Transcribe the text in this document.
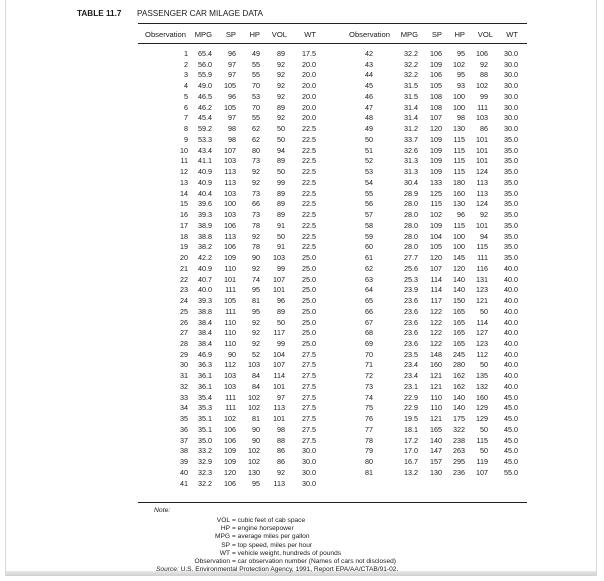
TABLE 11.7 PASSENGER CAR MILAGE DATA
Observation MPG SP HP VOL WT	Observation MPG SP HP VOL WT
1 65.4 96 49 89 17.5
2 56.0 97 55 92 20.0
3 55.9 97 55 92 20.0
4 49.0 105 70 92 20.0
5 46.5 96 53 92 20.0
6 46.2 105 70 89 20.0
7 45.4 97 55 92 20.0
8 59.2 98 62 50 22.5
9 53.3 98 62 50 22.5
10 43.4 107 80 94 22.5
11 41.1 103 73 89 22.5
12 40.9 113 92 50 22.5
13 40.9 113 92 99 22.5
14 40.4 103 73 89 22.5
15 39.6 100 66 89 22.5
16 39.3 103 73 89 22.5
17 38.9 106 78 91 22.5
18 38.8 113 92 50 22.5
19 38.2 106 78 91 22.5
20 42.2 109 90 103 25.0
21 40.9 110 92 99 25.0
22 40.7 101 74 107 25.0
23 40.0 111 95 101 25.0
24 39.3 105 81 96 25.0
25 38.8 111 95 89 25.0
26 38.4 110 92 50 25.0
27 38.4 110 92 117 25.0
28 38.4 110 92 99 25.0
29 46.9 90 52 104 27.5
30 36.3 112 103 107 27.5
31 36.1 103 84 114 27.5
32 36.1 103 84 101 27.5
33 35.4 111 102 97 27.5
34 35.3 111 102 113 27.5
35 35.1 102 81 101 27.5
36 35.1 106 90 98 27.5
37 35.0 106 90 88 27.5
38 33.2 109 102 86 30.0
39 32.9 109 102 86 30.0
40 32.3 120 130 92 30.0
41 32.2 106 95 113 30.0
42	32.2 106 95 106 30.0
43	32.2 109 102 92 30.0
44	32.2 106 95 88 30.0
45	31.5 105 93 102 30.0
46	31.5 108 100 99 30.0
47	31.4 108 100 111 30.0
48	31.4 107 98 103 30.0
49	31.2 120 130 86 30.0
50	33.7 109 115 101 35.0
51	32.6 109 115 101 35.0
52	31.3 109 115 101 35.0
53	31.3 109 115 124 35.0
54	30.4 133 180 113 35.0
55	28.9 125 160 113 35.0
56	28.0 115 130 124 35.0
57	28.0 102 96 92 35.0
58	28.0 109 115 101 35.0
59	28.0 104 100 94 35.0
60	28.0 105 100 115 35.0
61	27.7 120 145 111 35.0
62	25.6 107 120 116 40.0
63	25.3 114 140 131 40.0
64	23.9 114 140 123 40.0
65	23.6 117 150 121 40.0
66	23.6 122 165 50 40.0
67	23.6 122 165 114 40.0
68	23.6 122 165 127 40.0
69	23.6 122 165 123 40.0
70	23.5 148 245 112 40.0
71	23.4 160 280 50 40.0
72	23.4 121 162 135 40.0
73	23.1 121 162 132 40.0
74	22.9 110 140 160 45.0
75	22.9 110 140 129 45.0
76	19.5 121 175 129 45.0
77	18.1 165 322 50 45.0
78	17.2 140 238 115 45.0
79	17.0 147 263 50 45.0
80	16.7 157 295 119 45.0
81	13.2 130 236 107 55.0
Note:
VOL = cubic feet of cab space
HP = engine horsepower
MPG = average miles per gallon
SP = top speed, miles per hour
WT = vehicle weight, hundreds of pounds
Observation = car observation number (Names of cars not disclosed)
Source: U.S. Environmental Protection Agency, 1991, Report EPA/AA/CTAB/91-02.
